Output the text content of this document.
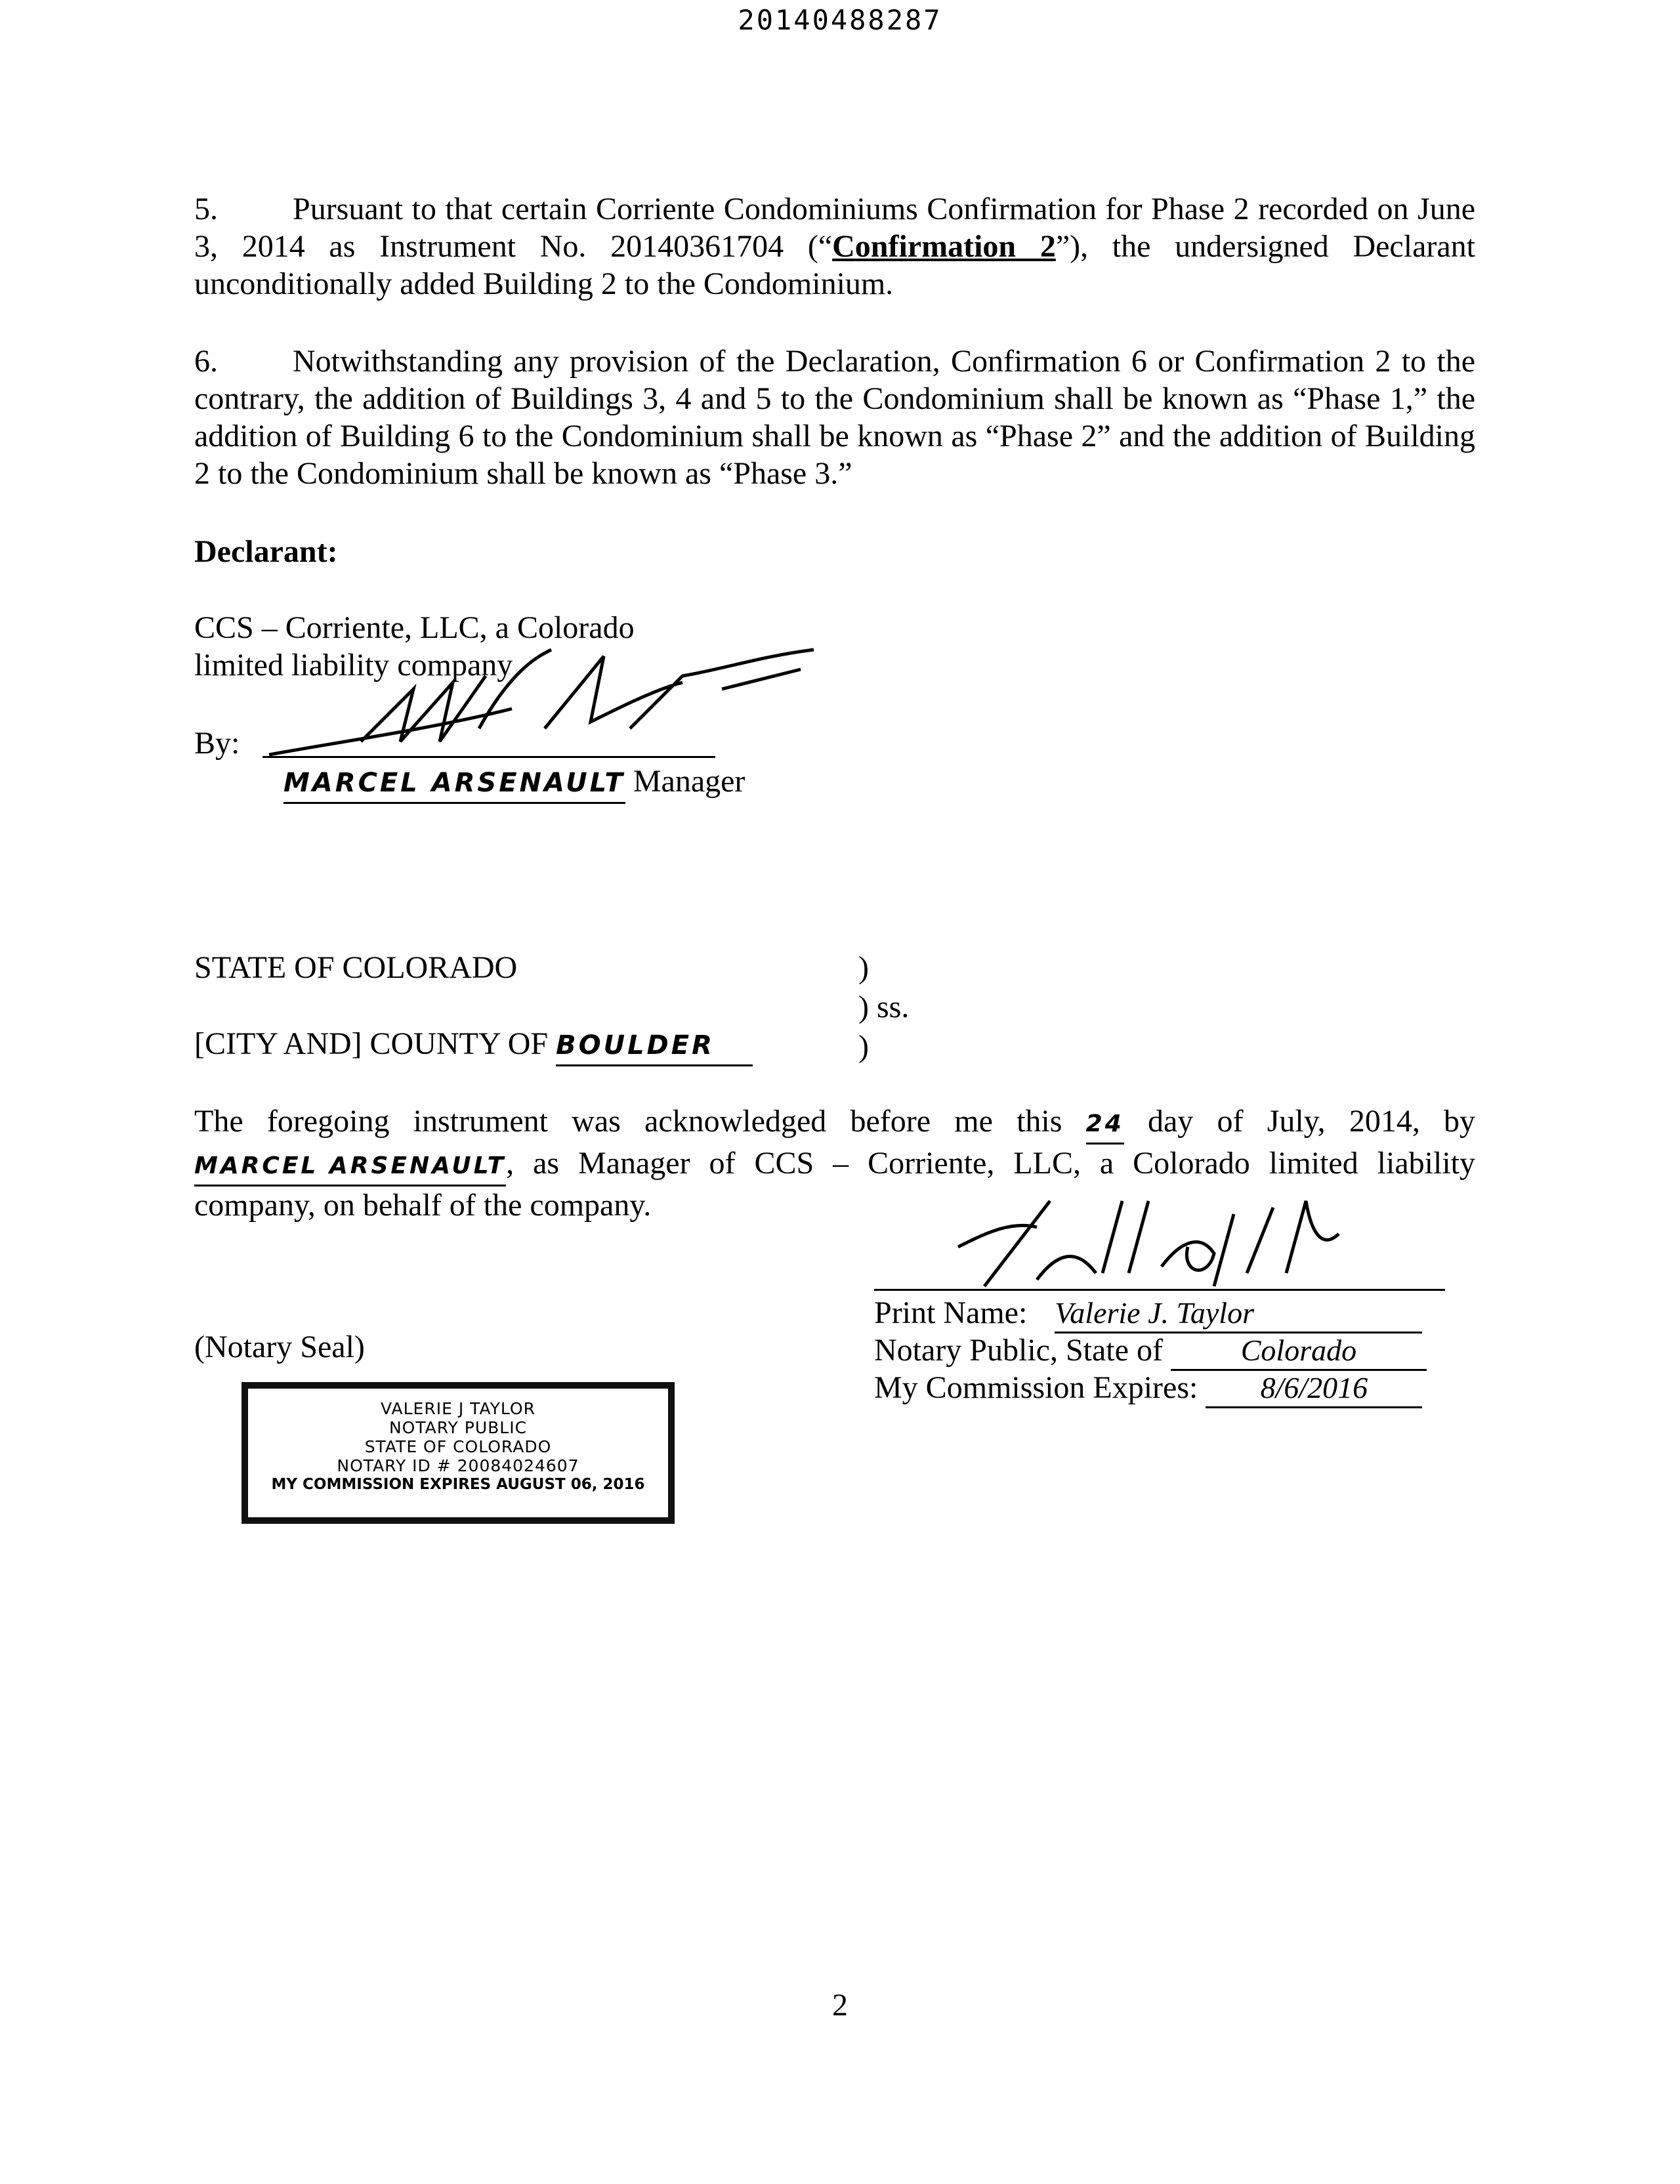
20140488287
5. Pursuant to that certain Corriente Condominiums Confirmation for Phase 2 recorded on June 3, 2014 as Instrument No. 20140361704 (“Confirmation 2”), the undersigned Declarant unconditionally added Building 2 to the Condominium.
6. Notwithstanding any provision of the Declaration, Confirmation 6 or Confirmation 2 to the contrary, the addition of Buildings 3, 4 and 5 to the Condominium shall be known as “Phase 1,” the addition of Building 6 to the Condominium shall be known as “Phase 2” and the addition of Building 2 to the Condominium shall be known as “Phase 3.”
Declarant:
CCS – Corriente, LLC, a Colorado
limited liability company
By:
MARCEL ARSENAULT Manager
STATE OF COLORADO	)
) ss.
[CITY AND] COUNTY OF BOULDER	)
The foregoing instrument was acknowledged before me this 24 day of July, 2014, by MARCEL ARSENAULT, as Manager of CCS – Corriente, LLC, a Colorado limited liability company, on behalf of the company.
Print Name: Valerie J. Taylor
Notary Public, State of	Colorado
My Commission Expires: 8/6/2016
(Notary Seal)
VALERIE J TAYLOR
NOTARY PUBLIC
STATE OF COLORADO
NOTARY ID # 20084024607
MY COMMISSION EXPIRES AUGUST 06, 2016
2
